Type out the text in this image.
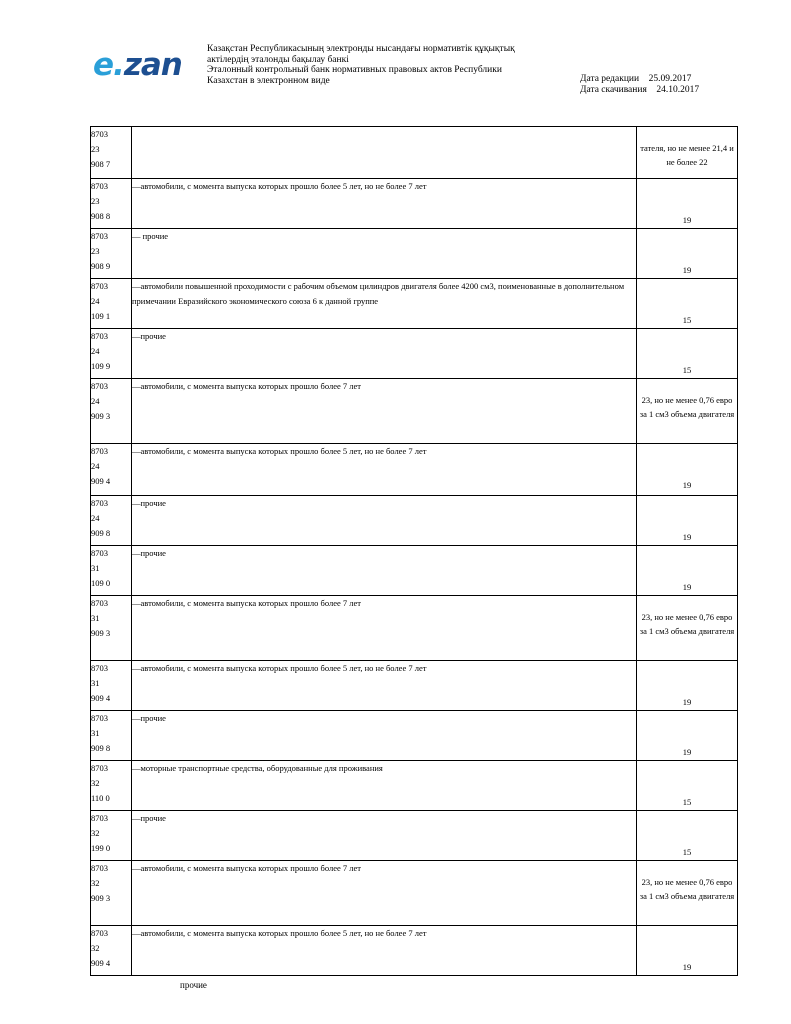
e.zan	Казақстан Республикасының электронды нысандағы нормативтік құқықтық
актілердің эталонды бақылау банкі
Эталонный контрольный банк нормативных правовых актов Республики
Казахстан в электронном виде	Дата редакции 25.09.2017
Дата скачивания 24.10.2017
8703
23
908 7		тателя, но не менее 21,4 и не более 22

8703
23
908 8	—автомобили, с момента выпуска которых прошло более 5 лет, но не более 7 лет	19

8703
23
908 9	— прочие	19

8703
24
109 1	—автомобили повышенной проходимости с рабочим объемом цилиндров двигателя более 4200 см3, поименованные в дополнительном примечании Евразийского экономического союза 6 к данной группе	15

8703
24
109 9	—прочие	15

8703
24
909 3	—автомобили, с момента выпуска которых прошло более 7 лет	23, но не менее 0,76 евро за 1 см3 объема двигателя

8703
24
909 4	—автомобили, с момента выпуска которых прошло более 5 лет, но не более 7 лет	19

8703
24
909 8	—прочие	19

8703
31
109 0	—прочие	19

8703
31
909 3	—автомобили, с момента выпуска которых прошло более 7 лет	23, но не менее 0,76 евро за 1 см3 объема двигателя

8703
31
909 4	—автомобили, с момента выпуска которых прошло более 5 лет, но не более 7 лет	19

8703
31
909 8	—прочие	19

8703
32
110 0	—моторные транспортные средства, оборудованные для проживания	15

8703
32
199 0	—прочие	15

8703
32
909 3	—автомобили, с момента выпуска которых прошло более 7 лет	23, но не менее 0,76 евро за 1 см3 объема двигателя

8703
32
909 4	—автомобили, с момента выпуска которых прошло более 5 лет, но не более 7 лет	19
прочие
